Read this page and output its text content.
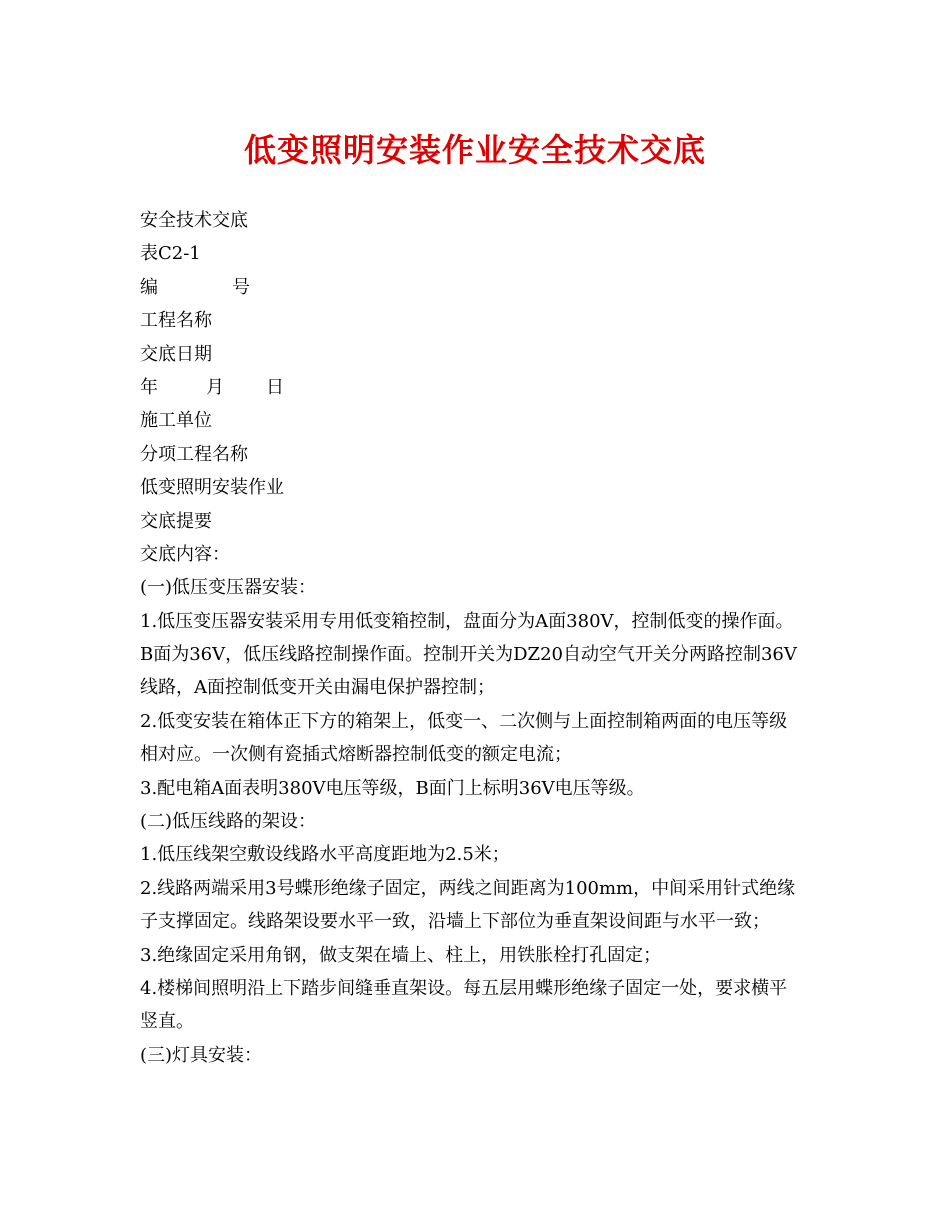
低变照明安装作业安全技术交底
安全技术交底
表C2-1
编	号
工程名称
交底日期
年	月	日
施工单位
分项工程名称
低变照明安装作业
交底提要
交底内容：
(一)低压变压器安装：
1.低压变压器安装采用专用低变箱控制，盘面分为A面380V，控制低变的操作面。
B面为36V，低压线路控制操作面。控制开关为DZ20自动空气开关分两路控制36V
线路，A面控制低变开关由漏电保护器控制；
2.低变安装在箱体正下方的箱架上，低变一、二次侧与上面控制箱两面的电压等级
相对应。一次侧有瓷插式熔断器控制低变的额定电流；
3.配电箱A面表明380V电压等级，B面门上标明36V电压等级。
(二)低压线路的架设：
1.低压线架空敷设线路水平高度距地为2.5米；
2.线路两端采用3号蝶形绝缘子固定，两线之间距离为100mm，中间采用针式绝缘
子支撑固定。线路架设要水平一致，沿墙上下部位为垂直架设间距与水平一致；
3.绝缘固定采用角钢，做支架在墙上、柱上，用铁胀栓打孔固定；
4.楼梯间照明沿上下踏步间缝垂直架设。每五层用蝶形绝缘子固定一处，要求横平
竖直。
(三)灯具安装：
